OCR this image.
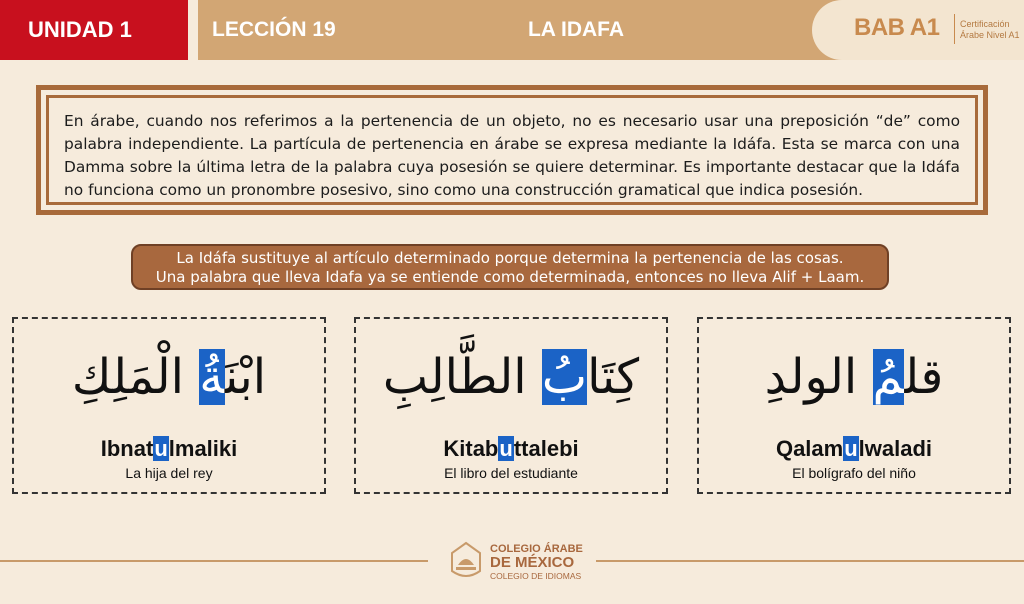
UNIDAD 1	LECCIÓN 19	LA IDAFA	BAB A1 Certificación
Árabe Nivel A1

En árabe, cuando nos referimos a la pertenencia de un objeto, no es necesario usar una preposición “de” como palabra independiente. La partícula de pertenencia en árabe se expresa mediante la Idáfa. Esta se marca con una Damma sobre la última letra de la palabra cuya posesión se quiere determinar. Es importante destacar que la Idáfa no funciona como un pronombre posesivo, sino como una construcción gramatical que indica posesión.

La Idáfa sustituye al artículo determinado porque determina la pertenencia de las cosas.
Una palabra que lleva Idafa ya se entiende como determinada, entonces no lleva Alif + Laam.
ابْنَةُ الْمَلِكِ
Ibnatulmaliki
La hija del rey
كِتَابُ الطَّالِبِ
Kitabuttalebi
El libro del estudiante
قلمُ الولدِ
Qalamulwaladi
El bolígrafo del niño
COLEGIO ÁRABE
DE MÉXICO
COLEGIO DE IDIOMAS
